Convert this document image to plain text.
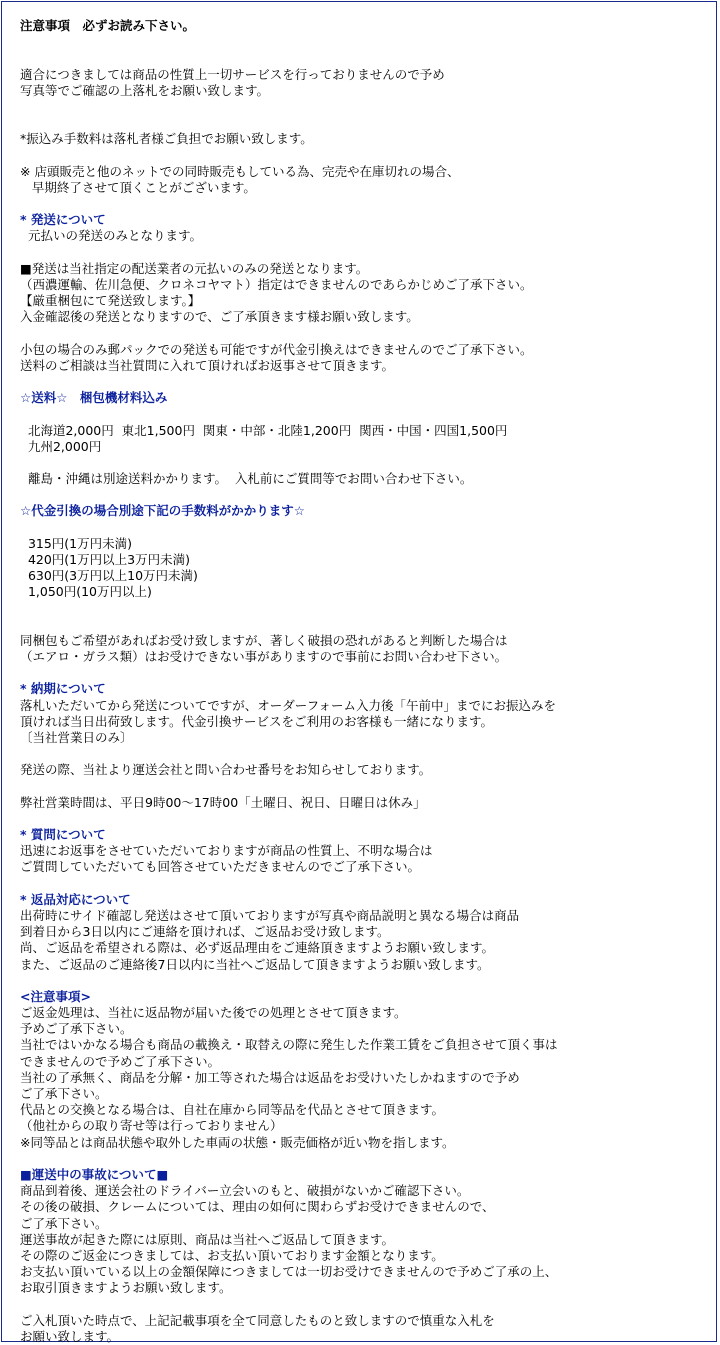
注意事項　必ずお読み下さい。
適合につきましては商品の性質上一切サービスを行っておりませんので予め
写真等でご確認の上落札をお願い致します。
*振込み手数料は落札者様ご負担でお願い致します。
※ 店頭販売と他のネットでの同時販売もしている為、完売や在庫切れの場合、
早期終了させて頂くことがございます。
* 発送について
元払いの発送のみとなります。
■発送は当社指定の配送業者の元払いのみの発送となります。
（西濃運輸、佐川急便、クロネコヤマト）指定はできませんのであらかじめご了承下さい。
【厳重梱包にて発送致します。】
入金確認後の発送となりますので、ご了承頂きます様お願い致します。
小包の場合のみ郵パックでの発送も可能ですが代金引換えはできませんのでご了承下さい。
送料のご相談は当社質問に入れて頂ければお返事させて頂きます。
☆送料☆　梱包機材料込み
北海道2,000円  東北1,500円  関東・中部・北陸1,200円  関西・中国・四国1,500円
九州2,000円
離島・沖縄は別途送料かかります。  入札前にご質問等でお問い合わせ下さい。
☆代金引換の場合別途下記の手数料がかかります☆
315円(1万円未満)
420円(1万円以上3万円未満)
630円(3万円以上10万円未満)
1,050円(10万円以上)
同梱包もご希望があればお受け致しますが、著しく破損の恐れがあると判断した場合は
（エアロ・ガラス類）はお受けできない事がありますので事前にお問い合わせ下さい。
* 納期について
落札いただいてから発送についてですが、オーダーフォーム入力後「午前中」までにお振込みを
頂ければ当日出荷致します。代金引換サービスをご利用のお客様も一緒になります。
〔当社営業日のみ〕
発送の際、当社より運送会社と問い合わせ番号をお知らせしております。
弊社営業時間は、平日9時00～17時00「土曜日、祝日、日曜日は休み」
* 質問について
迅速にお返事をさせていただいておりますが商品の性質上、不明な場合は
ご質問していただいても回答させていただきませんのでご了承下さい。
* 返品対応について
出荷時にサイド確認し発送はさせて頂いておりますが写真や商品説明と異なる場合は商品
到着日から3日以内にご連絡を頂ければ、ご返品お受け致します。
尚、ご返品を希望される際は、必ず返品理由をご連絡頂きますようお願い致します。
また、ご返品のご連絡後7日以内に当社へご返品して頂きますようお願い致します。
<注意事項>
ご返金処理は、当社に返品物が届いた後での処理とさせて頂きます。
予めご了承下さい。
当社ではいかなる場合も商品の載換え・取替えの際に発生した作業工賃をご負担させて頂く事は
できませんので予めご了承下さい。
当社の了承無く、商品を分解・加工等された場合は返品をお受けいたしかねますので予め
ご了承下さい。
代品との交換となる場合は、自社在庫から同等品を代品とさせて頂きます。
（他社からの取り寄せ等は行っておりません）
※同等品とは商品状態や取外した車両の状態・販売価格が近い物を指します。
■運送中の事故について■
商品到着後、運送会社のドライバー立会いのもと、破損がないかご確認下さい。
その後の破損、クレームについては、理由の如何に関わらずお受けできませんので、
ご了承下さい。
運送事故が起きた際には原則、商品は当社へご返品して頂きます。
その際のご返金につきましては、お支払い頂いております金額となります。
お支払い頂いている以上の金額保障につきましては一切お受けできませんので予めご了承の上、
お取引頂きますようお願い致します。
ご入札頂いた時点で、上記記載事項を全て同意したものと致しますので慎重な入札を
お願い致します。
